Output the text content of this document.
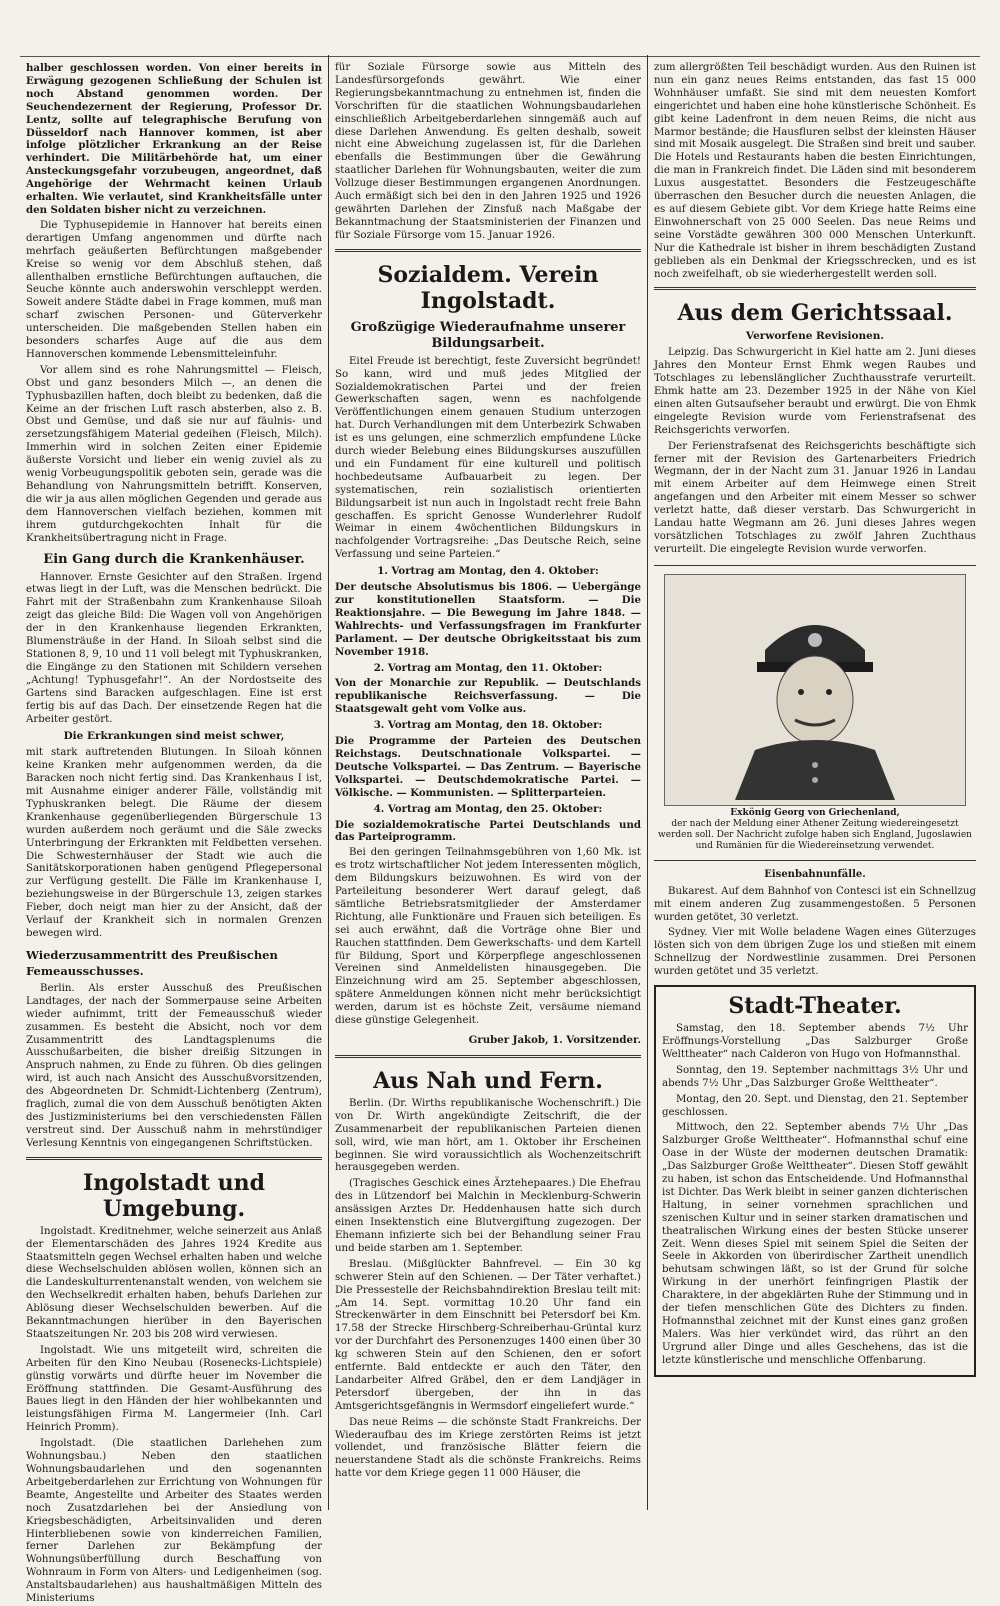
halber geschlossen worden. Von einer bereits in Erwägung gezogenen Schließung der Schulen ist noch Abstand genommen worden. Der Seuchendezernent der Regierung, Professor Dr. Lentz, sollte auf telegraphische Berufung von Düsseldorf nach Hannover kommen, ist aber infolge plötzlicher Erkrankung an der Reise verhindert. Die Militärbehörde hat, um einer Ansteckungsgefahr vorzubeugen, angeordnet, daß Angehörige der Wehrmacht keinen Urlaub erhalten. Wie verlautet, sind Krankheitsfälle unter den Soldaten bisher nicht zu verzeichnen.

Die Typhusepidemie in Hannover hat bereits einen derartigen Umfang angenommen und dürfte nach mehrfach geäußerten Befürchtungen maßgebender Kreise so wenig vor dem Abschluß stehen, daß allenthalben ernstliche Befürchtungen auftauchen, die Seuche könnte auch anderswohin verschleppt werden. Soweit andere Städte dabei in Frage kommen, muß man scharf zwischen Personen- und Güterverkehr unterscheiden. Die maßgebenden Stellen haben ein besonders scharfes Auge auf die aus dem Hannoverschen kommende Lebensmitteleinfuhr.

Vor allem sind es rohe Nahrungsmittel — Fleisch, Obst und ganz besonders Milch —, an denen die Typhusbazillen haften, doch bleibt zu bedenken, daß die Keime an der frischen Luft rasch absterben, also z. B. Obst und Gemüse, und daß sie nur auf fäulnis- und zersetzungsfähigem Material gedeihen (Fleisch, Milch). Immerhin wird in solchen Zeiten einer Epidemie äußerste Vorsicht und lieber ein wenig zuviel als zu wenig Vorbeugungspolitik geboten sein, gerade was die Behandlung von Nahrungsmitteln betrifft. Konserven, die wir ja aus allen möglichen Gegenden und gerade aus dem Hannoverschen vielfach beziehen, kommen mit ihrem gutdurchgekochten Inhalt für die Krankheitsübertragung nicht in Frage.

Ein Gang durch die Krankenhäuser.

Hannover. Ernste Gesichter auf den Straßen. Irgend etwas liegt in der Luft, was die Menschen bedrückt. Die Fahrt mit der Straßenbahn zum Krankenhause Siloah zeigt das gleiche Bild: Die Wagen voll von Angehörigen der in den Krankenhause liegenden Erkrankten, Blumensträuße in der Hand. In Siloah selbst sind die Stationen 8, 9, 10 und 11 voll belegt mit Typhuskranken, die Eingänge zu den Stationen mit Schildern versehen „Achtung! Typhusgefahr!“. An der Nordostseite des Gartens sind Baracken aufgeschlagen. Eine ist erst fertig bis auf das Dach. Der einsetzende Regen hat die Arbeiter gestört.

Die Erkrankungen sind meist schwer,

mit stark auftretenden Blutungen. In Siloah können keine Kranken mehr aufgenommen werden, da die Baracken noch nicht fertig sind. Das Krankenhaus I ist, mit Ausnahme einiger anderer Fälle, vollständig mit Typhuskranken belegt. Die Räume der diesem Krankenhause gegenüberliegenden Bürgerschule 13 wurden außerdem noch geräumt und die Säle zwecks Unterbringung der Erkrankten mit Feldbetten versehen. Die Schwesternhäuser der Stadt wie auch die Sanitätskorporationen haben genügend Pflegepersonal zur Verfügung gestellt. Die Fälle im Krankenhause I, beziehungsweise in der Bürgerschule 13, zeigen starkes Fieber, doch neigt man hier zu der Ansicht, daß der Verlauf der Krankheit sich in normalen Grenzen bewegen wird.

Wiederzusammentritt des Preußischen Femeausschusses.

Berlin. Als erster Ausschuß des Preußischen Landtages, der nach der Sommerpause seine Arbeiten wieder aufnimmt, tritt der Femeausschuß wieder zusammen. Es besteht die Absicht, noch vor dem Zusammentritt des Landtagsplenums die Ausschußarbeiten, die bisher dreißig Sitzungen in Anspruch nahmen, zu Ende zu führen. Ob dies gelingen wird, ist auch nach Ansicht des Ausschußvorsitzenden, des Abgeordneten Dr. Schmidt-Lichtenberg (Zentrum), fraglich, zumal die von dem Ausschuß benötigten Akten des Justizministeriums bei den verschiedensten Fällen verstreut sind. Der Ausschuß nahm in mehrstündiger Verlesung Kenntnis von eingegangenen Schriftstücken.

Ingolstadt und Umgebung.

Ingolstadt. Kreditnehmer, welche seinerzeit aus Anlaß der Elementarschäden des Jahres 1924 Kredite aus Staatsmitteln gegen Wechsel erhalten haben und welche diese Wechselschulden ablösen wollen, können sich an die Landeskulturrentenanstalt wenden, von welchem sie den Wechselkredit erhalten haben, behufs Darlehen zur Ablösung dieser Wechselschulden bewerben. Auf die Bekanntmachungen hierüber in den Bayerischen Staatszeitungen Nr. 203 bis 208 wird verwiesen.

Ingolstadt. Wie uns mitgeteilt wird, schreiten die Arbeiten für den Kino Neubau (Rosenecks-Lichtspiele) günstig vorwärts und dürfte heuer im November die Eröffnung stattfinden. Die Gesamt-Ausführung des Baues liegt in den Händen der hier wohlbekannten und leistungsfähigen Firma M. Langermeier (Inh. Carl Heinrich Promm).

Ingolstadt. (Die staatlichen Darlehehen zum Wohnungsbau.) Neben den staatlichen Wohnungsbaudarlehen und den sogenannten Arbeitgeberdarlehen zur Errichtung von Wohnungen für Beamte, Angestellte und Arbeiter des Staates werden noch Zusatzdarlehen bei der Ansiedlung von Kriegsbeschädigten, Arbeitsinvaliden und deren Hinterbliebenen sowie von kinderreichen Familien, ferner Darlehen zur Bekämpfung der Wohnungsüberfüllung durch Beschaffung von Wohnraum in Form von Alters- und Ledigenheimen (sog. Anstaltsbaudarlehen) aus haushaltmäßigen Mitteln des Ministeriums

für Soziale Fürsorge sowie aus Mitteln des Landesfürsorgefonds gewährt. Wie einer Regierungsbekanntmachung zu entnehmen ist, finden die Vorschriften für die staatlichen Wohnungsbaudarlehen einschließlich Arbeitgeberdarlehen sinngemäß auch auf diese Darlehen Anwendung. Es gelten deshalb, soweit nicht eine Abweichung zugelassen ist, für die Darlehen ebenfalls die Bestimmungen über die Gewährung staatlicher Darlehen für Wohnungsbauten, weiter die zum Vollzuge dieser Bestimmungen ergangenen Anordnungen. Auch ermäßigt sich bei den in den Jahren 1925 und 1926 gewährten Darlehen der Zinsfuß nach Maßgabe der Bekanntmachung der Staatsministerien der Finanzen und für Soziale Fürsorge vom 15. Januar 1926.

Sozialdem. Verein Ingolstadt.
Großzügige Wiederaufnahme unserer Bildungsarbeit.

Eitel Freude ist berechtigt, feste Zuversicht begründet! So kann, wird und muß jedes Mitglied der Sozialdemokratischen Partei und der freien Gewerkschaften sagen, wenn es nachfolgende Veröffentlichungen einem genauen Studium unterzogen hat. Durch Verhandlungen mit dem Unterbezirk Schwaben ist es uns gelungen, eine schmerzlich empfundene Lücke durch wieder Belebung eines Bildungskurses auszufüllen und ein Fundament für eine kulturell und politisch hochbedeutsame Aufbauarbeit zu legen. Der systematischen, rein sozialistisch orientierten Bildungsarbeit ist nun auch in Ingolstadt recht freie Bahn geschaffen. Es spricht Genosse Wunderlehrer Rudolf Weimar in einem 4wöchentlichen Bildungskurs in nachfolgender Vortragsreihe: „Das Deutsche Reich, seine Verfassung und seine Parteien.“

1. Vortrag am Montag, den 4. Oktober:

Der deutsche Absolutismus bis 1806. — Uebergänge zur konstitutionellen Staatsform. — Die Reaktionsjahre. — Die Bewegung im Jahre 1848. — Wahlrechts- und Verfassungsfragen im Frankfurter Parlament. — Der deutsche Obrigkeitsstaat bis zum November 1918.

2. Vortrag am Montag, den 11. Oktober:

Von der Monarchie zur Republik. — Deutschlands republikanische Reichsverfassung. — Die Staatsgewalt geht vom Volke aus.

3. Vortrag am Montag, den 18. Oktober:

Die Programme der Parteien des Deutschen Reichstags. Deutschnationale Volkspartei. — Deutsche Volkspartei. — Das Zentrum. — Bayerische Volkspartei. — Deutschdemokratische Partei. — Völkische. — Kommunisten. — Splitterparteien.

4. Vortrag am Montag, den 25. Oktober:

Die sozialdemokratische Partei Deutschlands und das Parteiprogramm.

Bei den geringen Teilnahmsgebühren von 1,60 Mk. ist es trotz wirtschaftlicher Not jedem Interessenten möglich, dem Bildungskurs beizuwohnen. Es wird von der Parteileitung besonderer Wert darauf gelegt, daß sämtliche Betriebsratsmitglieder der Amsterdamer Richtung, alle Funktionäre und Frauen sich beteiligen. Es sei auch erwähnt, daß die Vorträge ohne Bier und Rauchen stattfinden. Dem Gewerkschafts- und dem Kartell für Bildung, Sport und Körperpflege angeschlossenen Vereinen sind Anmeldelisten hinausgegeben. Die Einzeichnung wird am 25. September abgeschlossen, spätere Anmeldungen können nicht mehr berücksichtigt werden, darum ist es höchste Zeit, versäume niemand diese günstige Gelegenheit.

Gruber Jakob, 1. Vorsitzender.
Aus Nah und Fern.

Berlin. (Dr. Wirths republikanische Wochenschrift.) Die von Dr. Wirth angekündigte Zeitschrift, die der Zusammenarbeit der republikanischen Parteien dienen soll, wird, wie man hört, am 1. Oktober ihr Erscheinen beginnen. Sie wird voraussichtlich als Wochenzeitschrift herausgegeben werden.

(Tragisches Geschick eines Ärztehepaares.) Die Ehefrau des in Lützendorf bei Malchin in Mecklenburg-Schwerin ansässigen Arztes Dr. Heddenhausen hatte sich durch einen Insektenstich eine Blutvergiftung zugezogen. Der Ehemann infizierte sich bei der Behandlung seiner Frau und beide starben am 1. September.

Breslau. (Mißglückter Bahnfrevel. — Ein 30 kg schwerer Stein auf den Schienen. — Der Täter verhaftet.) Die Pressestelle der Reichsbahndirektion Breslau teilt mit: „Am 14. Sept. vormittag 10.20 Uhr fand ein Streckenwärter in dem Einschnitt bei Petersdorf bei Km. 17.58 der Strecke Hirschberg-Schreiberhau-Grüntal kurz vor der Durchfahrt des Personenzuges 1400 einen über 30 kg schweren Stein auf den Schienen, den er sofort entfernte. Bald entdeckte er auch den Täter, den Landarbeiter Alfred Gräbel, den er dem Landjäger in Petersdorf übergeben, der ihn in das Amtsgerichtsgefängnis in Wermsdorf eingeliefert wurde.“

Das neue Reims — die schönste Stadt Frankreichs. Der Wiederaufbau des im Kriege zerstörten Reims ist jetzt vollendet, und französische Blätter feiern die neuerstandene Stadt als die schönste Frankreichs. Reims hatte vor dem Kriege gegen 11 000 Häuser, die

zum allergrößten Teil beschädigt wurden. Aus den Ruinen ist nun ein ganz neues Reims entstanden, das fast 15 000 Wohnhäuser umfaßt. Sie sind mit dem neuesten Komfort eingerichtet und haben eine hohe künstlerische Schönheit. Es gibt keine Ladenfront in dem neuen Reims, die nicht aus Marmor bestände; die Hausfluren selbst der kleinsten Häuser sind mit Mosaik ausgelegt. Die Straßen sind breit und sauber. Die Hotels und Restaurants haben die besten Einrichtungen, die man in Frankreich findet. Die Läden sind mit besonderem Luxus ausgestattet. Besonders die Festzeugeschäfte überraschen den Besucher durch die neuesten Anlagen, die es auf diesem Gebiete gibt. Vor dem Kriege hatte Reims eine Einwohnerschaft von 25 000 Seelen. Das neue Reims und seine Vorstädte gewähren 300 000 Menschen Unterkunft. Nur die Kathedrale ist bisher in ihrem beschädigten Zustand geblieben als ein Denkmal der Kriegsschrecken, und es ist noch zweifelhaft, ob sie wiederhergestellt werden soll.

Aus dem Gerichtssaal.
Verworfene Revisionen.

Leipzig. Das Schwurgericht in Kiel hatte am 2. Juni dieses Jahres den Monteur Ernst Ehmk wegen Raubes und Totschlages zu lebenslänglicher Zuchthausstrafe verurteilt. Ehmk hatte am 23. Dezember 1925 in der Nähe von Kiel einen alten Gutsaufseher beraubt und erwürgt. Die von Ehmk eingelegte Revision wurde vom Ferienstrafsenat des Reichsgerichts verworfen.

Der Ferienstrafsenat des Reichsgerichts beschäftigte sich ferner mit der Revision des Gartenarbeiters Friedrich Wegmann, der in der Nacht zum 31. Januar 1926 in Landau mit einem Arbeiter auf dem Heimwege einen Streit angefangen und den Arbeiter mit einem Messer so schwer verletzt hatte, daß dieser verstarb. Das Schwurgericht in Landau hatte Wegmann am 26. Juni dieses Jahres wegen vorsätzlichen Totschlages zu zwölf Jahren Zuchthaus verurteilt. Die eingelegte Revision wurde verworfen.

Exkönig Georg von Griechenland,
der nach der Meldung einer Athener Zeitung wiedereingesetzt werden soll. Der Nachricht zufolge haben sich England, Jugoslawien und Rumänien für die Wiedereinsetzung verwendet.
Eisenbahnunfälle.

Bukarest. Auf dem Bahnhof von Contesci ist ein Schnellzug mit einem anderen Zug zusammengestoßen. 5 Personen wurden getötet, 30 verletzt.

Sydney. Vier mit Wolle beladene Wagen eines Güterzuges lösten sich von dem übrigen Zuge los und stießen mit einem Schnellzug der Nordwestlinie zusammen. Drei Personen wurden getötet und 35 verletzt.

Stadt-Theater.

Samstag, den 18. September abends 7½ Uhr Eröffnungs-Vorstellung „Das Salzburger Große Welttheater“ nach Calderon von Hugo von Hofmannsthal.

Sonntag, den 19. September nachmittags 3½ Uhr und abends 7½ Uhr „Das Salzburger Große Welttheater“.

Montag, den 20. Sept. und Dienstag, den 21. September geschlossen.

Mittwoch, den 22. September abends 7½ Uhr „Das Salzburger Große Welttheater“. Hofmannsthal schuf eine Oase in der Wüste der modernen deutschen Dramatik: „Das Salzburger Große Welttheater“. Diesen Stoff gewählt zu haben, ist schon das Entscheidende. Und Hofmannsthal ist Dichter. Das Werk bleibt in seiner ganzen dichterischen Haltung, in seiner vornehmen sprachlichen und szenischen Kultur und in seiner starken dramatischen und theatralischen Wirkung eines der besten Stücke unserer Zeit. Wenn dieses Spiel mit seinem Spiel die Seiten der Seele in Akkorden von überirdischer Zartheit unendlich behutsam schwingen läßt, so ist der Grund für solche Wirkung in der unerhört feinfingrigen Plastik der Charaktere, in der abgeklärten Ruhe der Stimmung und in der tiefen menschlichen Güte des Dichters zu finden. Hofmannsthal zeichnet mit der Kunst eines ganz großen Malers. Was hier verkündet wird, das rührt an den Urgrund aller Dinge und alles Geschehens, das ist die letzte künstlerische und menschliche Offenbarung.
